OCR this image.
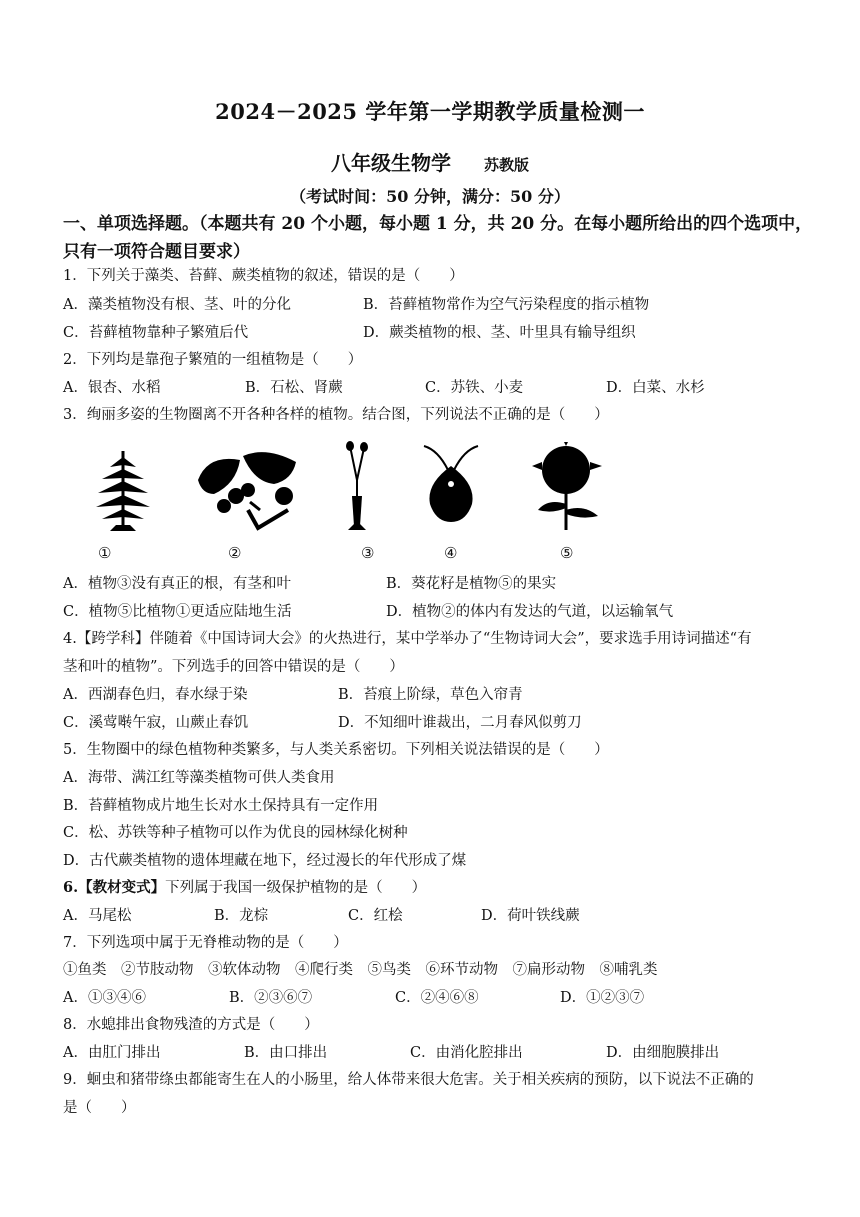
2024－2025 学年第一学期教学质量检测一
八年级生物学 苏教版
（考试时间：50 分钟，满分：50 分）
一、单项选择题。（本题共有 20 个小题，每小题 1 分，共 20 分。在每小题所给出的四个选项中，
只有一项符合题目要求）
1．下列关于藻类、苔藓、蕨类植物的叙述，错误的是（　　）
A．藻类植物没有根、茎、叶的分化	B．苔藓植物常作为空气污染程度的指示植物
C．苔藓植物靠种子繁殖后代	D．蕨类植物的根、茎、叶里具有输导组织
2．下列均是靠孢子繁殖的一组植物是（　　）
A．银杏、水稻	B．石松、肾蕨	C．苏铁、小麦	D．白菜、水杉
3．绚丽多姿的生物圈离不开各种各样的植物。结合图，下列说法不正确的是（　　）
①	②	③	④	⑤
A．植物③没有真正的根，有茎和叶	B．葵花籽是植物⑤的果实
C．植物⑤比植物①更适应陆地生活	D．植物②的体内有发达的气道，以运输氧气
4.【跨学科】伴随着《中国诗词大会》的火热进行，某中学举办了“生物诗词大会”，要求选手用诗词描述“有
茎和叶的植物”。下列选手的回答中错误的是（　　）
A．西湖春色归，春水绿于染	B．苔痕上阶绿，草色入帘青
C．溪莺啭午寂，山蕨止春饥	D．不知细叶谁裁出，二月春风似剪刀
5．生物圈中的绿色植物种类繁多，与人类关系密切。下列相关说法错误的是（　　）
A．海带、满江红等藻类植物可供人类食用
B．苔藓植物成片地生长对水土保持具有一定作用
C．松、苏铁等种子植物可以作为优良的园林绿化树种
D．古代蕨类植物的遗体埋藏在地下，经过漫长的年代形成了煤
6.【教材变式】下列属于我国一级保护植物的是（　　）
A．马尾松	B．龙棕	C．红桧	D．荷叶铁线蕨
7．下列选项中属于无脊椎动物的是（　　）
①鱼类　②节肢动物　③软体动物　④爬行类　⑤鸟类　⑥环节动物　⑦扁形动物　⑧哺乳类
A．①③④⑥	B．②③⑥⑦	C．②④⑥⑧	D．①②③⑦
8．水螅排出食物残渣的方式是（　　）
A．由肛门排出	B．由口排出	C．由消化腔排出	D．由细胞膜排出
9．蛔虫和猪带绦虫都能寄生在人的小肠里，给人体带来很大危害。关于相关疾病的预防，以下说法不正确的
是（　　）
